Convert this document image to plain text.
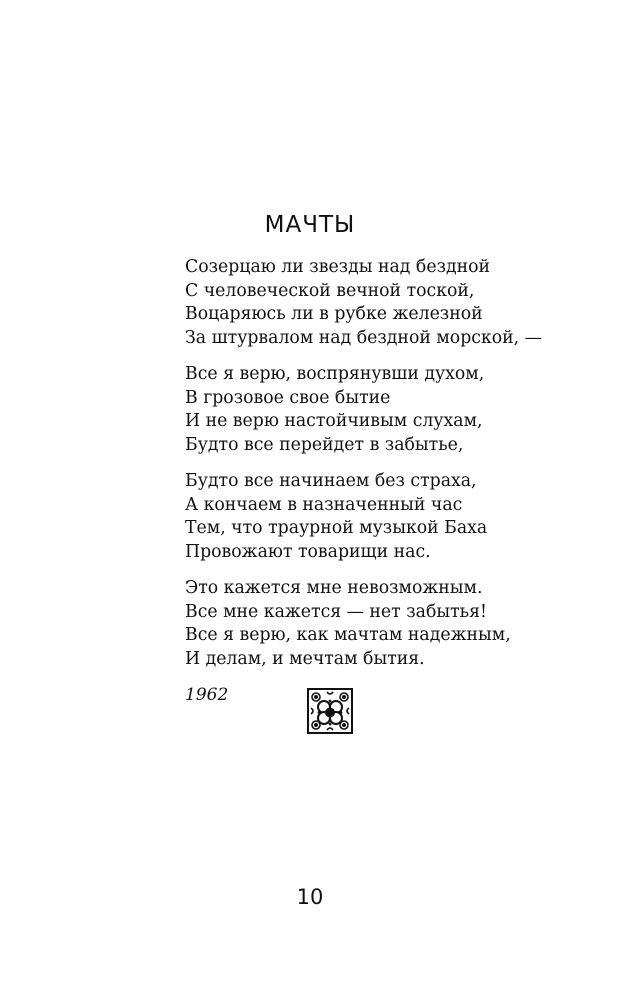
МАЧТЫ
Созерцаю ли звезды над бездной
С человеческой вечной тоской,
Воцаряюсь ли в рубке железной
За штурвалом над бездной морской, —
Все я верю, воспрянувши духом,
В грозовое свое бытие
И не верю настойчивым слухам,
Будто все перейдет в забытье,
Будто все начинаем без страха,
А кончаем в назначенный час
Тем, что траурной музыкой Баха
Провожают товарищи нас.
Это кажется мне невозможным.
Все мне кажется — нет забытья!
Все я верю, как мачтам надежным,
И делам, и мечтам бытия.
1962
10
